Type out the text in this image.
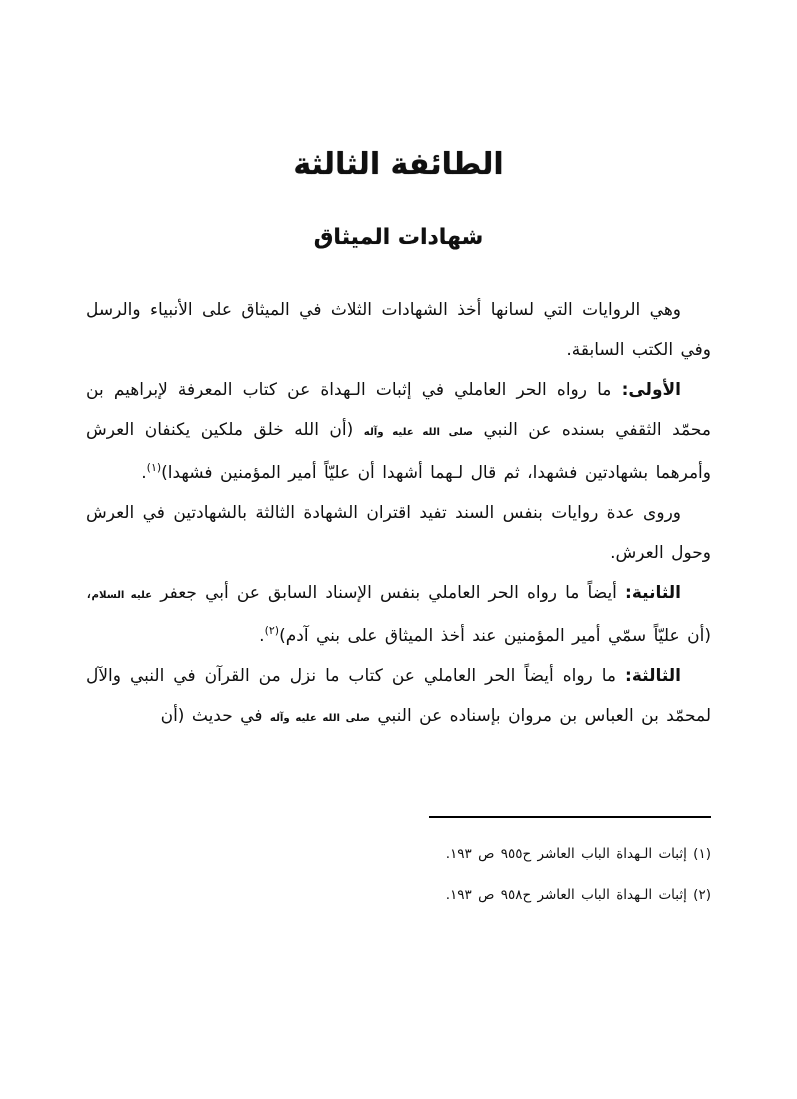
الطائفة الثالثة
شهادات الميثاق

وهي الروايات التي لسانها أخذ الشهادات الثلاث في الميثاق على الأنبياء والرسل وفي الكتب السابقة.

الأولى: ما رواه الحر العاملي في إثبات الـهداة عن كتاب المعرفة لإبراهيم بن محمّد الثقفي بسنده عن النبي صلى الله عليه وآله (أن الله خلق ملكين يكنفان العرش وأمرهما بشهادتين فشهدا، ثم قال لـهما أشهدا أن عليّاً أمير المؤمنين فشهدا)$^{(١)}$.

وروى عدة روايات بنفس السند تفيد اقتران الشهادة الثالثة بالشهادتين في العرش وحول العرش.

الثانية: أيضاً ما رواه الحر العاملي بنفس الإسناد السابق عن أبي جعفر عليه السلام، (أن عليّاً سمّي أمير المؤمنين عند أخذ الميثاق على بني آدم)$^{(٢)}$.

الثالثة: ما رواه أيضاً الحر العاملي عن كتاب ما نزل من القرآن في النبي والآل لمحمّد بن العباس بن مروان بإسناده عن النبي صلى الله عليه وآله في حديث (أن

(١) إثبات الـهداة الباب العاشر ح٩٥٥ ص ١٩٣.

(٢) إثبات الـهداة الباب العاشر ح٩٥٨ ص ١٩٣.
